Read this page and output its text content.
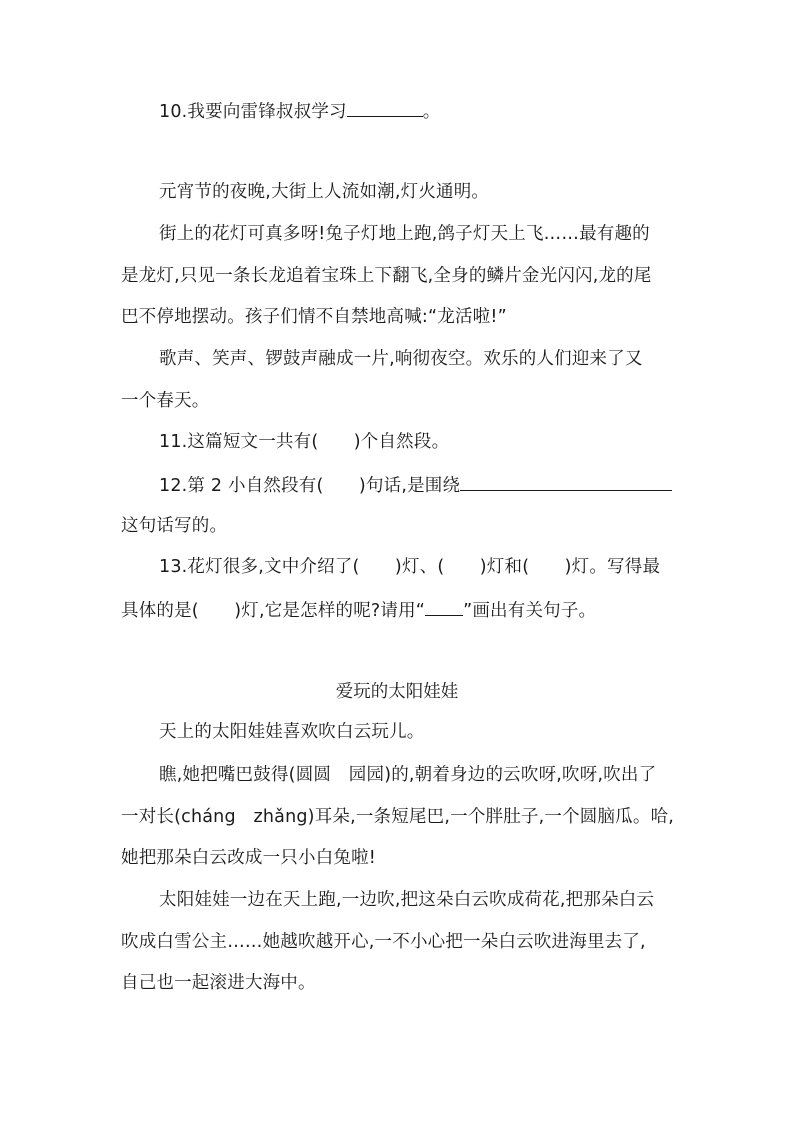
10.我要向雷锋叔叔学习	。
元宵节的夜晚,大街上人流如潮,灯火通明。
街上的花灯可真多呀!兔子灯地上跑,鸽子灯天上飞……最有趣的
是龙灯,只见一条长龙追着宝珠上下翻飞,全身的鳞片金光闪闪,龙的尾
巴不停地摆动。孩子们情不自禁地高喊:“龙活啦!”
歌声、笑声、锣鼓声融成一片,响彻夜空。欢乐的人们迎来了又
一个春天。
11.这篇短文一共有(　　)个自然段。
12.第 2 小自然段有(　　)句话,是围绕
这句话写的。
13.花灯很多,文中介绍了(　　)灯、(　　)灯和(　　)灯。写得最
具体的是(　　)灯,它是怎样的呢?请用“ ”画出有关句子。
爱玩的太阳娃娃
天上的太阳娃娃喜欢吹白云玩儿。
瞧,她把嘴巴鼓得(圆圆　园园)的,朝着身边的云吹呀,吹呀,吹出了
一对长(cháng　zhǎng)耳朵,一条短尾巴,一个胖肚子,一个圆脑瓜。哈,
她把那朵白云改成一只小白兔啦!
太阳娃娃一边在天上跑,一边吹,把这朵白云吹成荷花,把那朵白云
吹成白雪公主……她越吹越开心,一不小心把一朵白云吹进海里去了,
自己也一起滚进大海中。
